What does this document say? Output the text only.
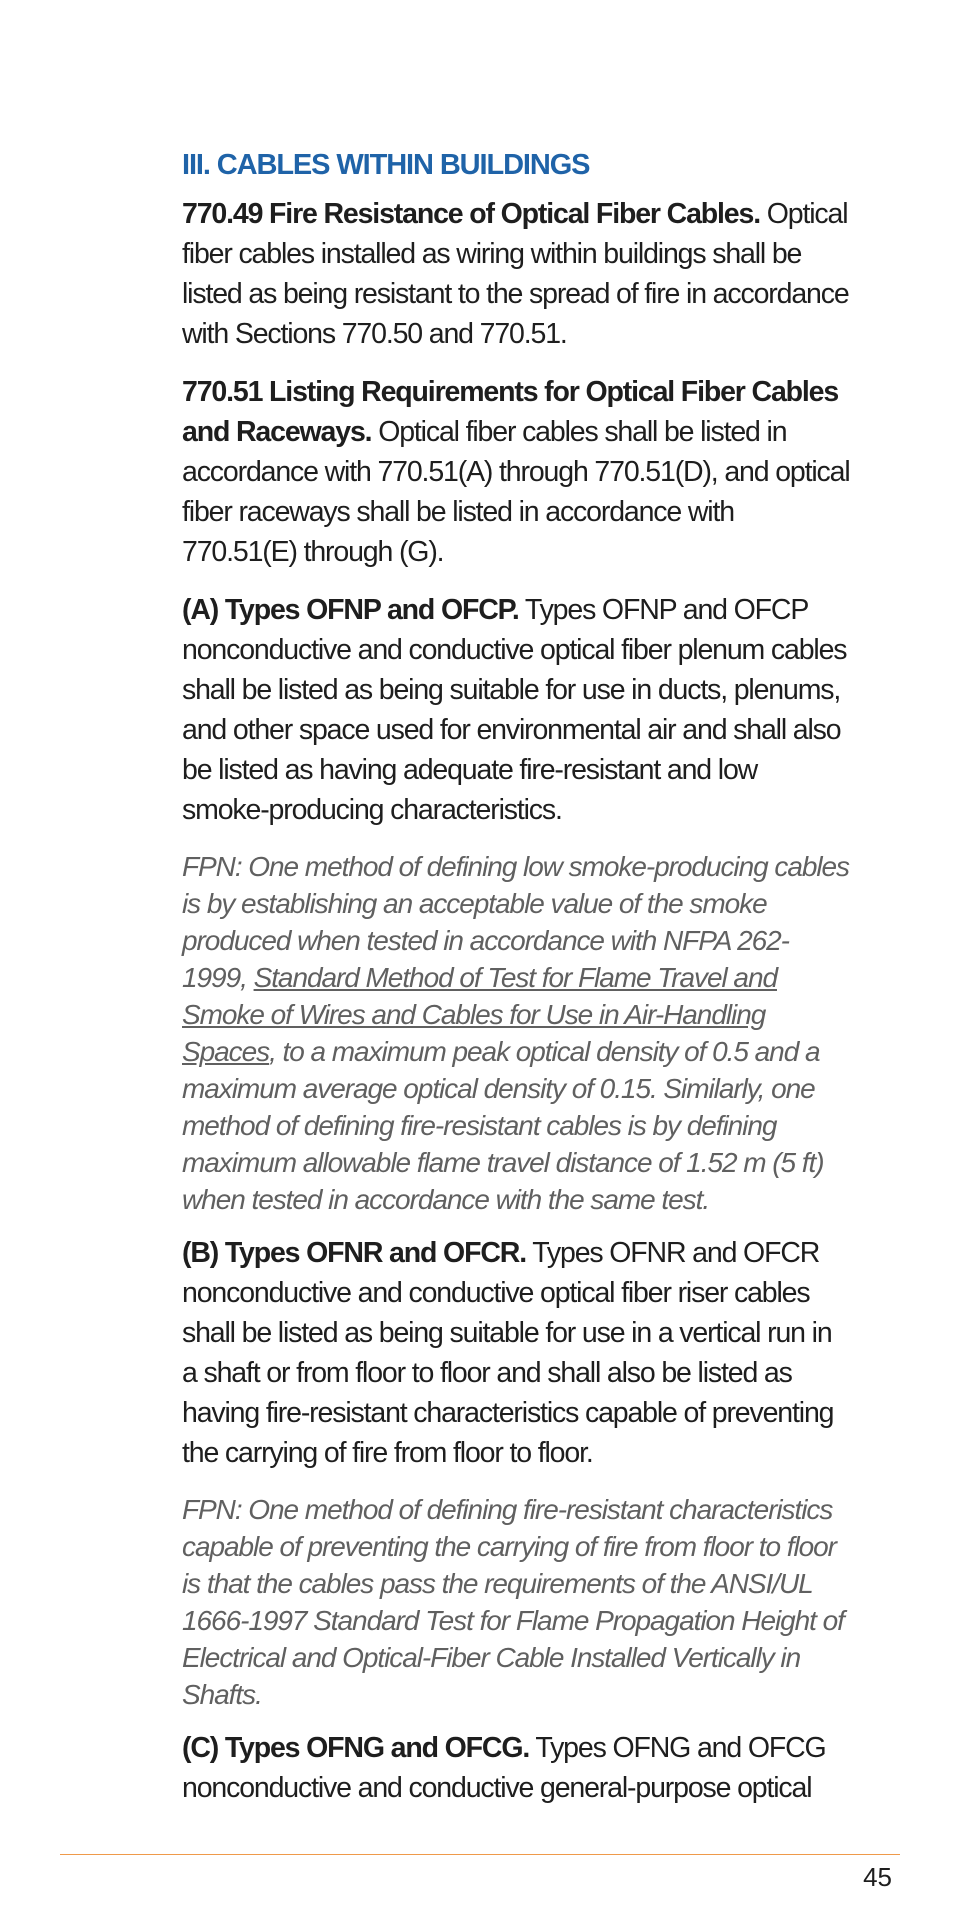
III. CABLES WITHIN BUILDINGS

770.49 Fire Resistance of Optical Fiber Cables. Optical fiber cables installed as wiring within buildings shall be listed as being resistant to the spread of fire in accordance with Sections 770.50 and 770.51.

770.51 Listing Requirements for Optical Fiber Cables and Raceways. Optical fiber cables shall be listed in accordance with 770.51(A) through 770.51(D), and optical fiber raceways shall be listed in accordance with 770.51(E) through (G).

(A) Types OFNP and OFCP. Types OFNP and OFCP nonconductive and conductive optical fiber plenum cables shall be listed as being suitable for use in ducts, plenums, and other space used for environmental air and shall also be listed as having adequate fire-resistant and low smoke-producing characteristics.

FPN: One method of defining low smoke-producing cables is by establishing an acceptable value of the smoke produced when tested in accordance with NFPA 262-1999, Standard Method of Test for Flame Travel and Smoke of Wires and Cables for Use in Air-Handling Spaces, to a maximum peak optical density of 0.5 and a maximum average optical density of 0.15. Similarly, one method of defining fire-resistant cables is by defining maximum allowable flame travel distance of 1.52 m (5 ft) when tested in accordance with the same test.

(B) Types OFNR and OFCR. Types OFNR and OFCR nonconductive and conductive optical fiber riser cables shall be listed as being suitable for use in a vertical run in a shaft or from floor to floor and shall also be listed as having fire-resistant characteristics capable of preventing the carrying of fire from floor to floor.

FPN: One method of defining fire-resistant characteristics capable of preventing the carrying of fire from floor to floor is that the cables pass the requirements of the ANSI/UL 1666-1997 Standard Test for Flame Propagation Height of Electrical and Optical-Fiber Cable Installed Vertically in Shafts.

(C) Types OFNG and OFCG. Types OFNG and OFCG nonconductive and conductive general-purpose optical

45
